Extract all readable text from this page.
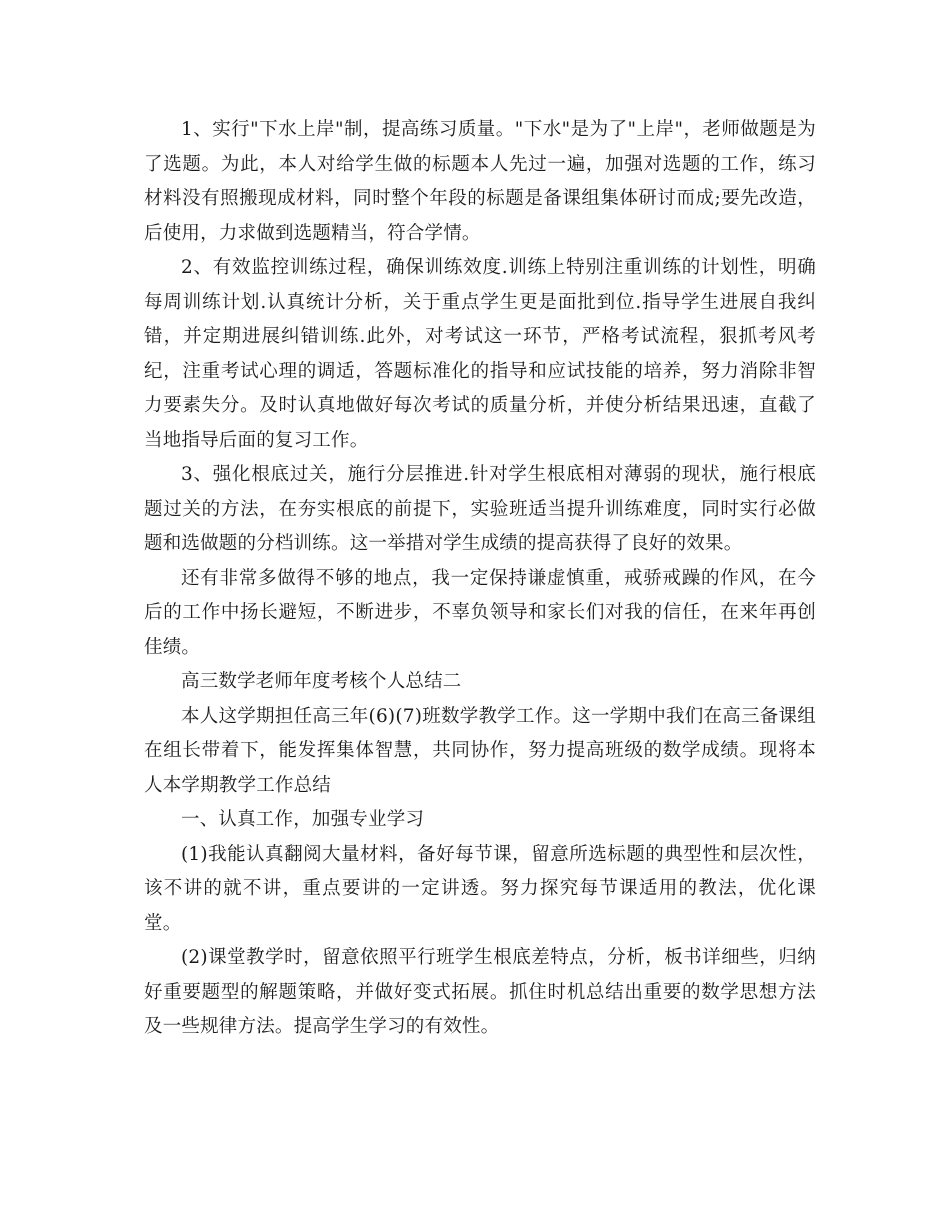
1、实行"下水上岸"制，提高练习质量。"下水"是为了"上岸"，老师做题是为了选题。为此，本人对给学生做的标题本人先过一遍，加强对选题的工作，练习材料没有照搬现成材料，同时整个年段的标题是备课组集体研讨而成;要先改造，后使用，力求做到选题精当，符合学情。

2、有效监控训练过程，确保训练效度.训练上特别注重训练的计划性，明确每周训练计划.认真统计分析，关于重点学生更是面批到位.指导学生进展自我纠错，并定期进展纠错训练.此外，对考试这一环节，严格考试流程，狠抓考风考纪，注重考试心理的调适，答题标准化的指导和应试技能的培养，努力消除非智力要素失分。及时认真地做好每次考试的质量分析，并使分析结果迅速，直截了当地指导后面的复习工作。

3、强化根底过关，施行分层推进.针对学生根底相对薄弱的现状，施行根底题过关的方法，在夯实根底的前提下，实验班适当提升训练难度，同时实行必做题和选做题的分档训练。这一举措对学生成绩的提高获得了良好的效果。

还有非常多做得不够的地点，我一定保持谦虚慎重，戒骄戒躁的作风，在今后的工作中扬长避短，不断进步，不辜负领导和家长们对我的信任，在来年再创佳绩。

高三数学老师年度考核个人总结二

本人这学期担任高三年(6)(7)班数学教学工作。这一学期中我们在高三备课组在组长带着下，能发挥集体智慧，共同协作，努力提高班级的数学成绩。现将本人本学期教学工作总结

一、认真工作，加强专业学习

(1)我能认真翻阅大量材料，备好每节课，留意所选标题的典型性和层次性，该不讲的就不讲，重点要讲的一定讲透。努力探究每节课适用的教法，优化课堂。

(2)课堂教学时，留意依照平行班学生根底差特点，分析，板书详细些，归纳好重要题型的解题策略，并做好变式拓展。抓住时机总结出重要的数学思想方法及一些规律方法。提高学生学习的有效性。
